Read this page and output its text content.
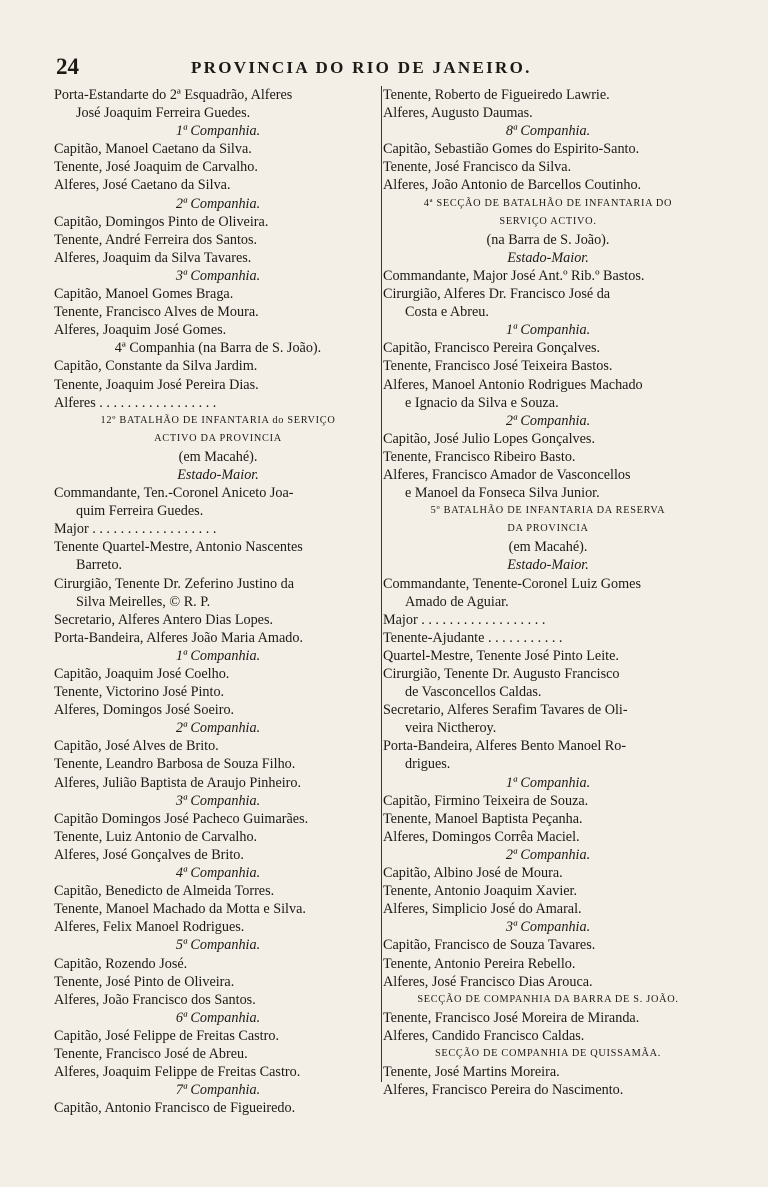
24	PROVINCIA DO RIO DE JANEIRO.
Porta-Estandarte do 2ª Esquadrão, Alferes
José Joaquim Ferreira Guedes.
1ª Companhia.
Capitão, Manoel Caetano da Silva.
Tenente, José Joaquim de Carvalho.
Alferes, José Caetano da Silva.
2ª Companhia.
Capitão, Domingos Pinto de Oliveira.
Tenente, André Ferreira dos Santos.
Alferes, Joaquim da Silva Tavares.
3ª Companhia.
Capitão, Manoel Gomes Braga.
Tenente, Francisco Alves de Moura.
Alferes, Joaquim José Gomes.
4ª Companhia (na Barra de S. João).
Capitão, Constante da Silva Jardim.
Tenente, Joaquim José Pereira Dias.
Alferes . . . . . . . . . . . . . . . . .
12º BATALHÃO DE INFANTARIA do SERVIÇO
ACTIVO DA PROVINCIA
(em Macahé).
Estado-Maior.
Commandante, Ten.-Coronel Aniceto Joa-
quim Ferreira Guedes.
Major . . . . . . . . . . . . . . . . . .
Tenente Quartel-Mestre, Antonio Nascentes
Barreto.
Cirurgião, Tenente Dr. Zeferino Justino da
Silva Meirelles, © R. P.
Secretario, Alferes Antero Dias Lopes.
Porta-Bandeira, Alferes João Maria Amado.
1ª Companhia.
Capitão, Joaquim José Coelho.
Tenente, Victorino José Pinto.
Alferes, Domingos José Soeiro.
2ª Companhia.
Capitão, José Alves de Brito.
Tenente, Leandro Barbosa de Souza Filho.
Alferes, Julião Baptista de Araujo Pinheiro.
3ª Companhia.
Capitão Domingos José Pacheco Guimarães.
Tenente, Luiz Antonio de Carvalho.
Alferes, José Gonçalves de Brito.
4ª Companhia.
Capitão, Benedicto de Almeida Torres.
Tenente, Manoel Machado da Motta e Silva.
Alferes, Felix Manoel Rodrigues.
5ª Companhia.
Capitão, Rozendo José.
Tenente, José Pinto de Oliveira.
Alferes, João Francisco dos Santos.
6ª Companhia.
Capitão, José Felippe de Freitas Castro.
Tenente, Francisco José de Abreu.
Alferes, Joaquim Felippe de Freitas Castro.
7ª Companhia.
Capitão, Antonio Francisco de Figueiredo.
Tenente, Roberto de Figueiredo Lawrie.
Alferes, Augusto Daumas.
8ª Companhia.
Capitão, Sebastião Gomes do Espirito-Santo.
Tenente, José Francisco da Silva.
Alferes, João Antonio de Barcellos Coutinho.
4ª SECÇÃO DE BATALHÃO DE INFANTARIA DO
SERVIÇO ACTIVO.
(na Barra de S. João).
Estado-Maior.
Commandante, Major José Ant.º Rib.º Bastos.
Cirurgião, Alferes Dr. Francisco José da
Costa e Abreu.
1ª Companhia.
Capitão, Francisco Pereira Gonçalves.
Tenente, Francisco José Teixeira Bastos.
Alferes, Manoel Antonio Rodrigues Machado
e Ignacio da Silva e Souza.
2ª Companhia.
Capitão, José Julio Lopes Gonçalves.
Tenente, Francisco Ribeiro Basto.
Alferes, Francisco Amador de Vasconcellos
e Manoel da Fonseca Silva Junior.
5º BATALHÃO DE INFANTARIA DA RESERVA
DA PROVINCIA
(em Macahé).
Estado-Maior.
Commandante, Tenente-Coronel Luiz Gomes
Amado de Aguiar.
Major . . . . . . . . . . . . . . . . . .
Tenente-Ajudante . . . . . . . . . . .
Quartel-Mestre, Tenente José Pinto Leite.
Cirurgião, Tenente Dr. Augusto Francisco
de Vasconcellos Caldas.
Secretario, Alferes Serafim Tavares de Oli-
veira Nictheroy.
Porta-Bandeira, Alferes Bento Manoel Ro-
drigues.
1ª Companhia.
Capitão, Firmino Teixeira de Souza.
Tenente, Manoel Baptista Peçanha.
Alferes, Domingos Corrêa Maciel.
2ª Companhia.
Capitão, Albino José de Moura.
Tenente, Antonio Joaquim Xavier.
Alferes, Simplicio José do Amaral.
3ª Companhia.
Capitão, Francisco de Souza Tavares.
Tenente, Antonio Pereira Rebello.
Alferes, José Francisco Dias Arouca.
SECÇÃO DE COMPANHIA DA BARRA DE S. JOÃO.
Tenente, Francisco José Moreira de Miranda.
Alferes, Candido Francisco Caldas.
SECÇÃO DE COMPANHIA DE QUISSAMÃA.
Tenente, José Martins Moreira.
Alferes, Francisco Pereira do Nascimento.
